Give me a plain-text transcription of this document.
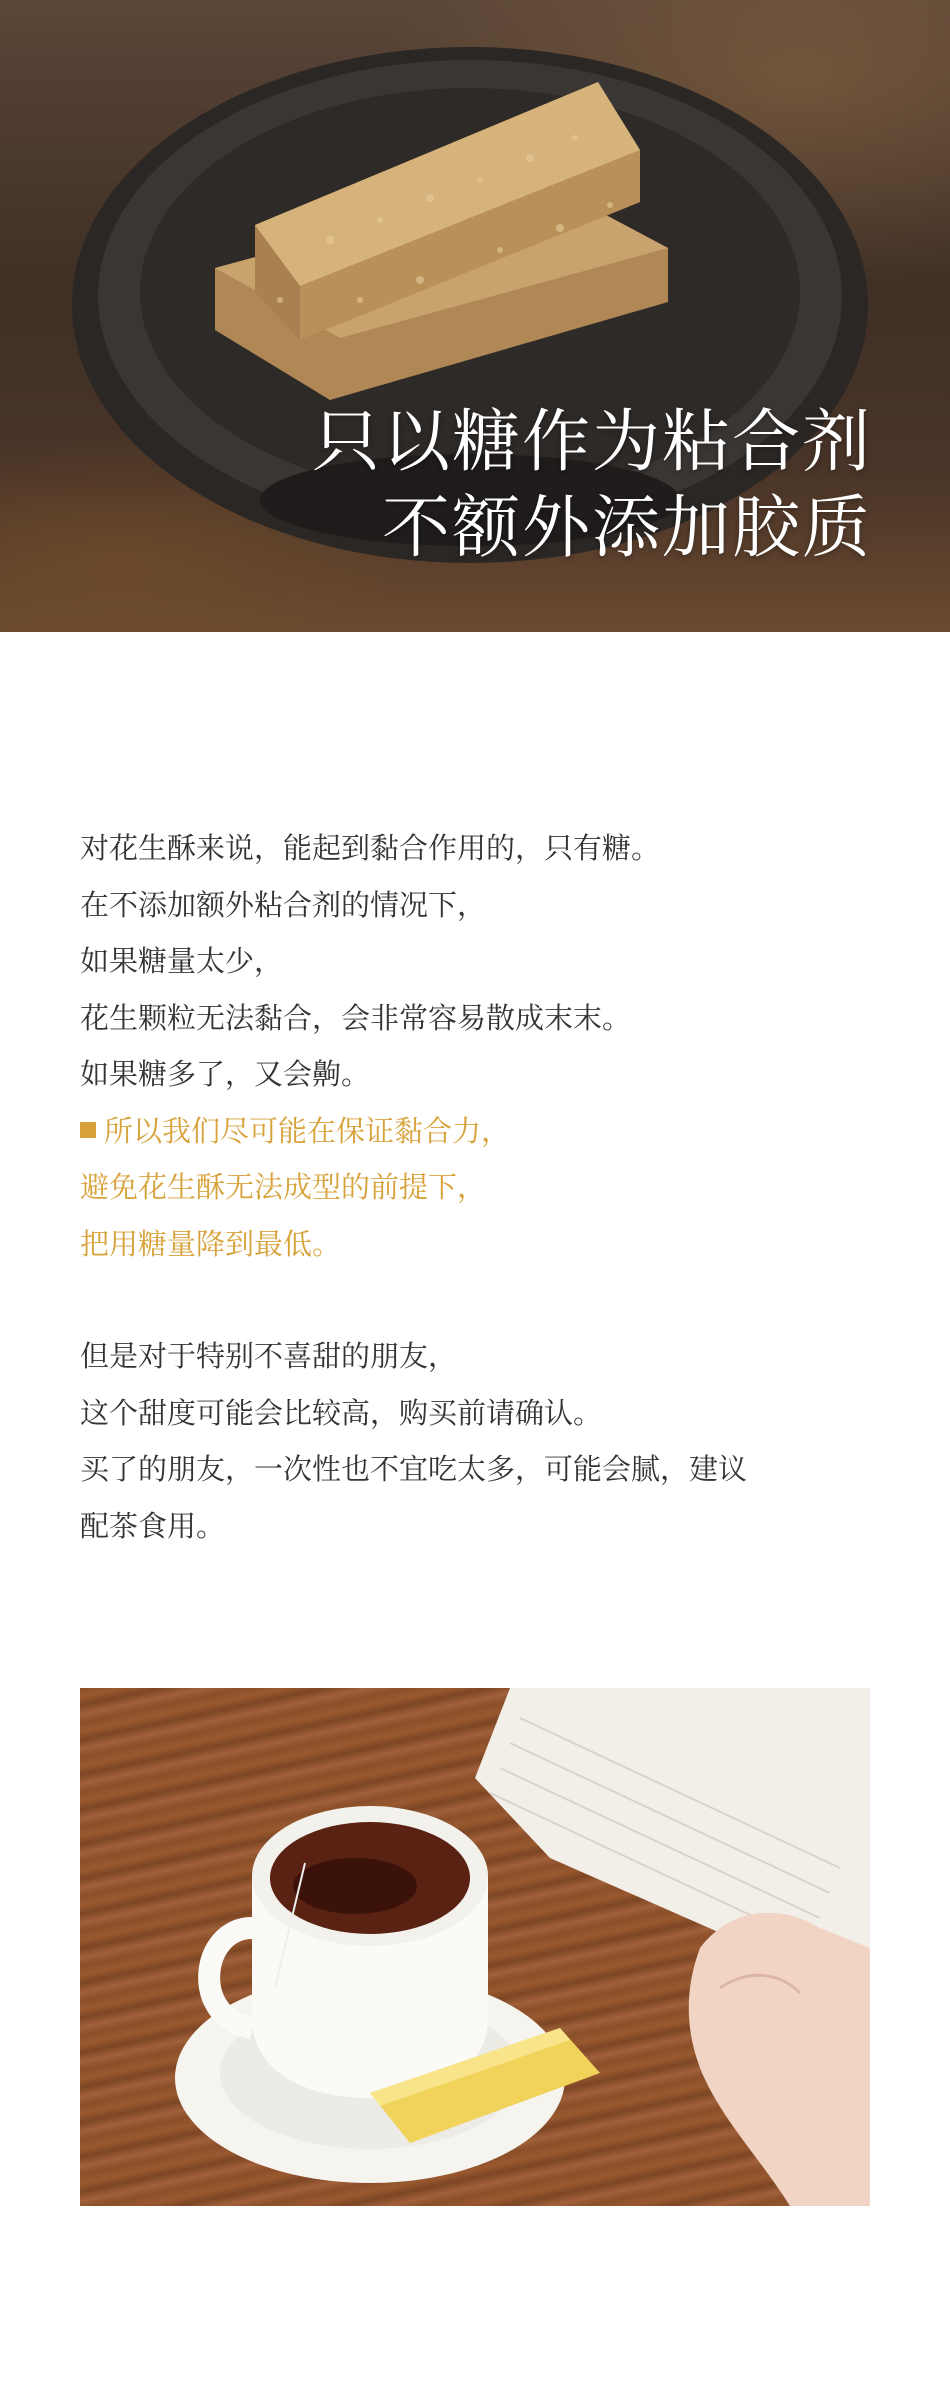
只以糖作为粘合剂
不额外添加胶质
对花生酥来说，能起到黏合作用的，只有糖。
在不添加额外粘合剂的情况下，
如果糖量太少，
花生颗粒无法黏合，会非常容易散成末末。
如果糖多了，又会齁。
所以我们尽可能在保证黏合力，
避免花生酥无法成型的前提下，
把用糖量降到最低。
但是对于特别不喜甜的朋友，
这个甜度可能会比较高，购买前请确认。
买了的朋友，一次性也不宜吃太多，可能会腻，建议
配茶食用。
